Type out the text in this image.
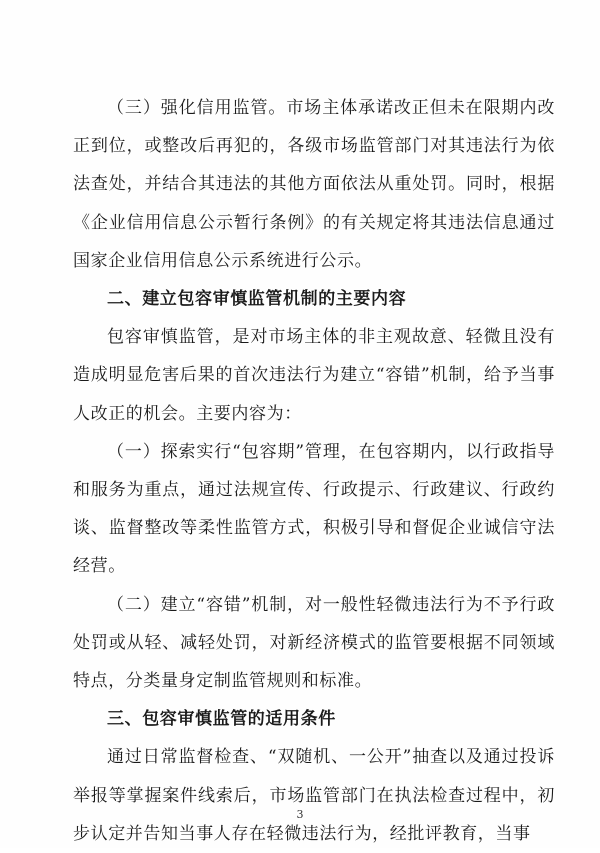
（三）强化信用监管。市场主体承诺改正但未在限期内改正到位，或整改后再犯的，各级市场监管部门对其违法行为依法查处，并结合其违法的其他方面依法从重处罚。同时，根据《企业信用信息公示暂行条例》的有关规定将其违法信息通过国家企业信用信息公示系统进行公示。

二、建立包容审慎监管机制的主要内容

包容审慎监管，是对市场主体的非主观故意、轻微且没有造成明显危害后果的首次违法行为建立“容错”机制，给予当事人改正的机会。主要内容为：

（一）探索实行“包容期”管理，在包容期内，以行政指导和服务为重点，通过法规宣传、行政提示、行政建议、行政约谈、监督整改等柔性监管方式，积极引导和督促企业诚信守法经营。

（二）建立“容错”机制，对一般性轻微违法行为不予行政处罚或从轻、减轻处罚，对新经济模式的监管要根据不同领域特点，分类量身定制监管规则和标准。

三、包容审慎监管的适用条件

通过日常监督检查、“双随机、一公开”抽查以及通过投诉举报等掌握案件线索后，市场监管部门在执法检查过程中，初步认定并告知当事人存在轻微违法行为，经批评教育，当事

3
